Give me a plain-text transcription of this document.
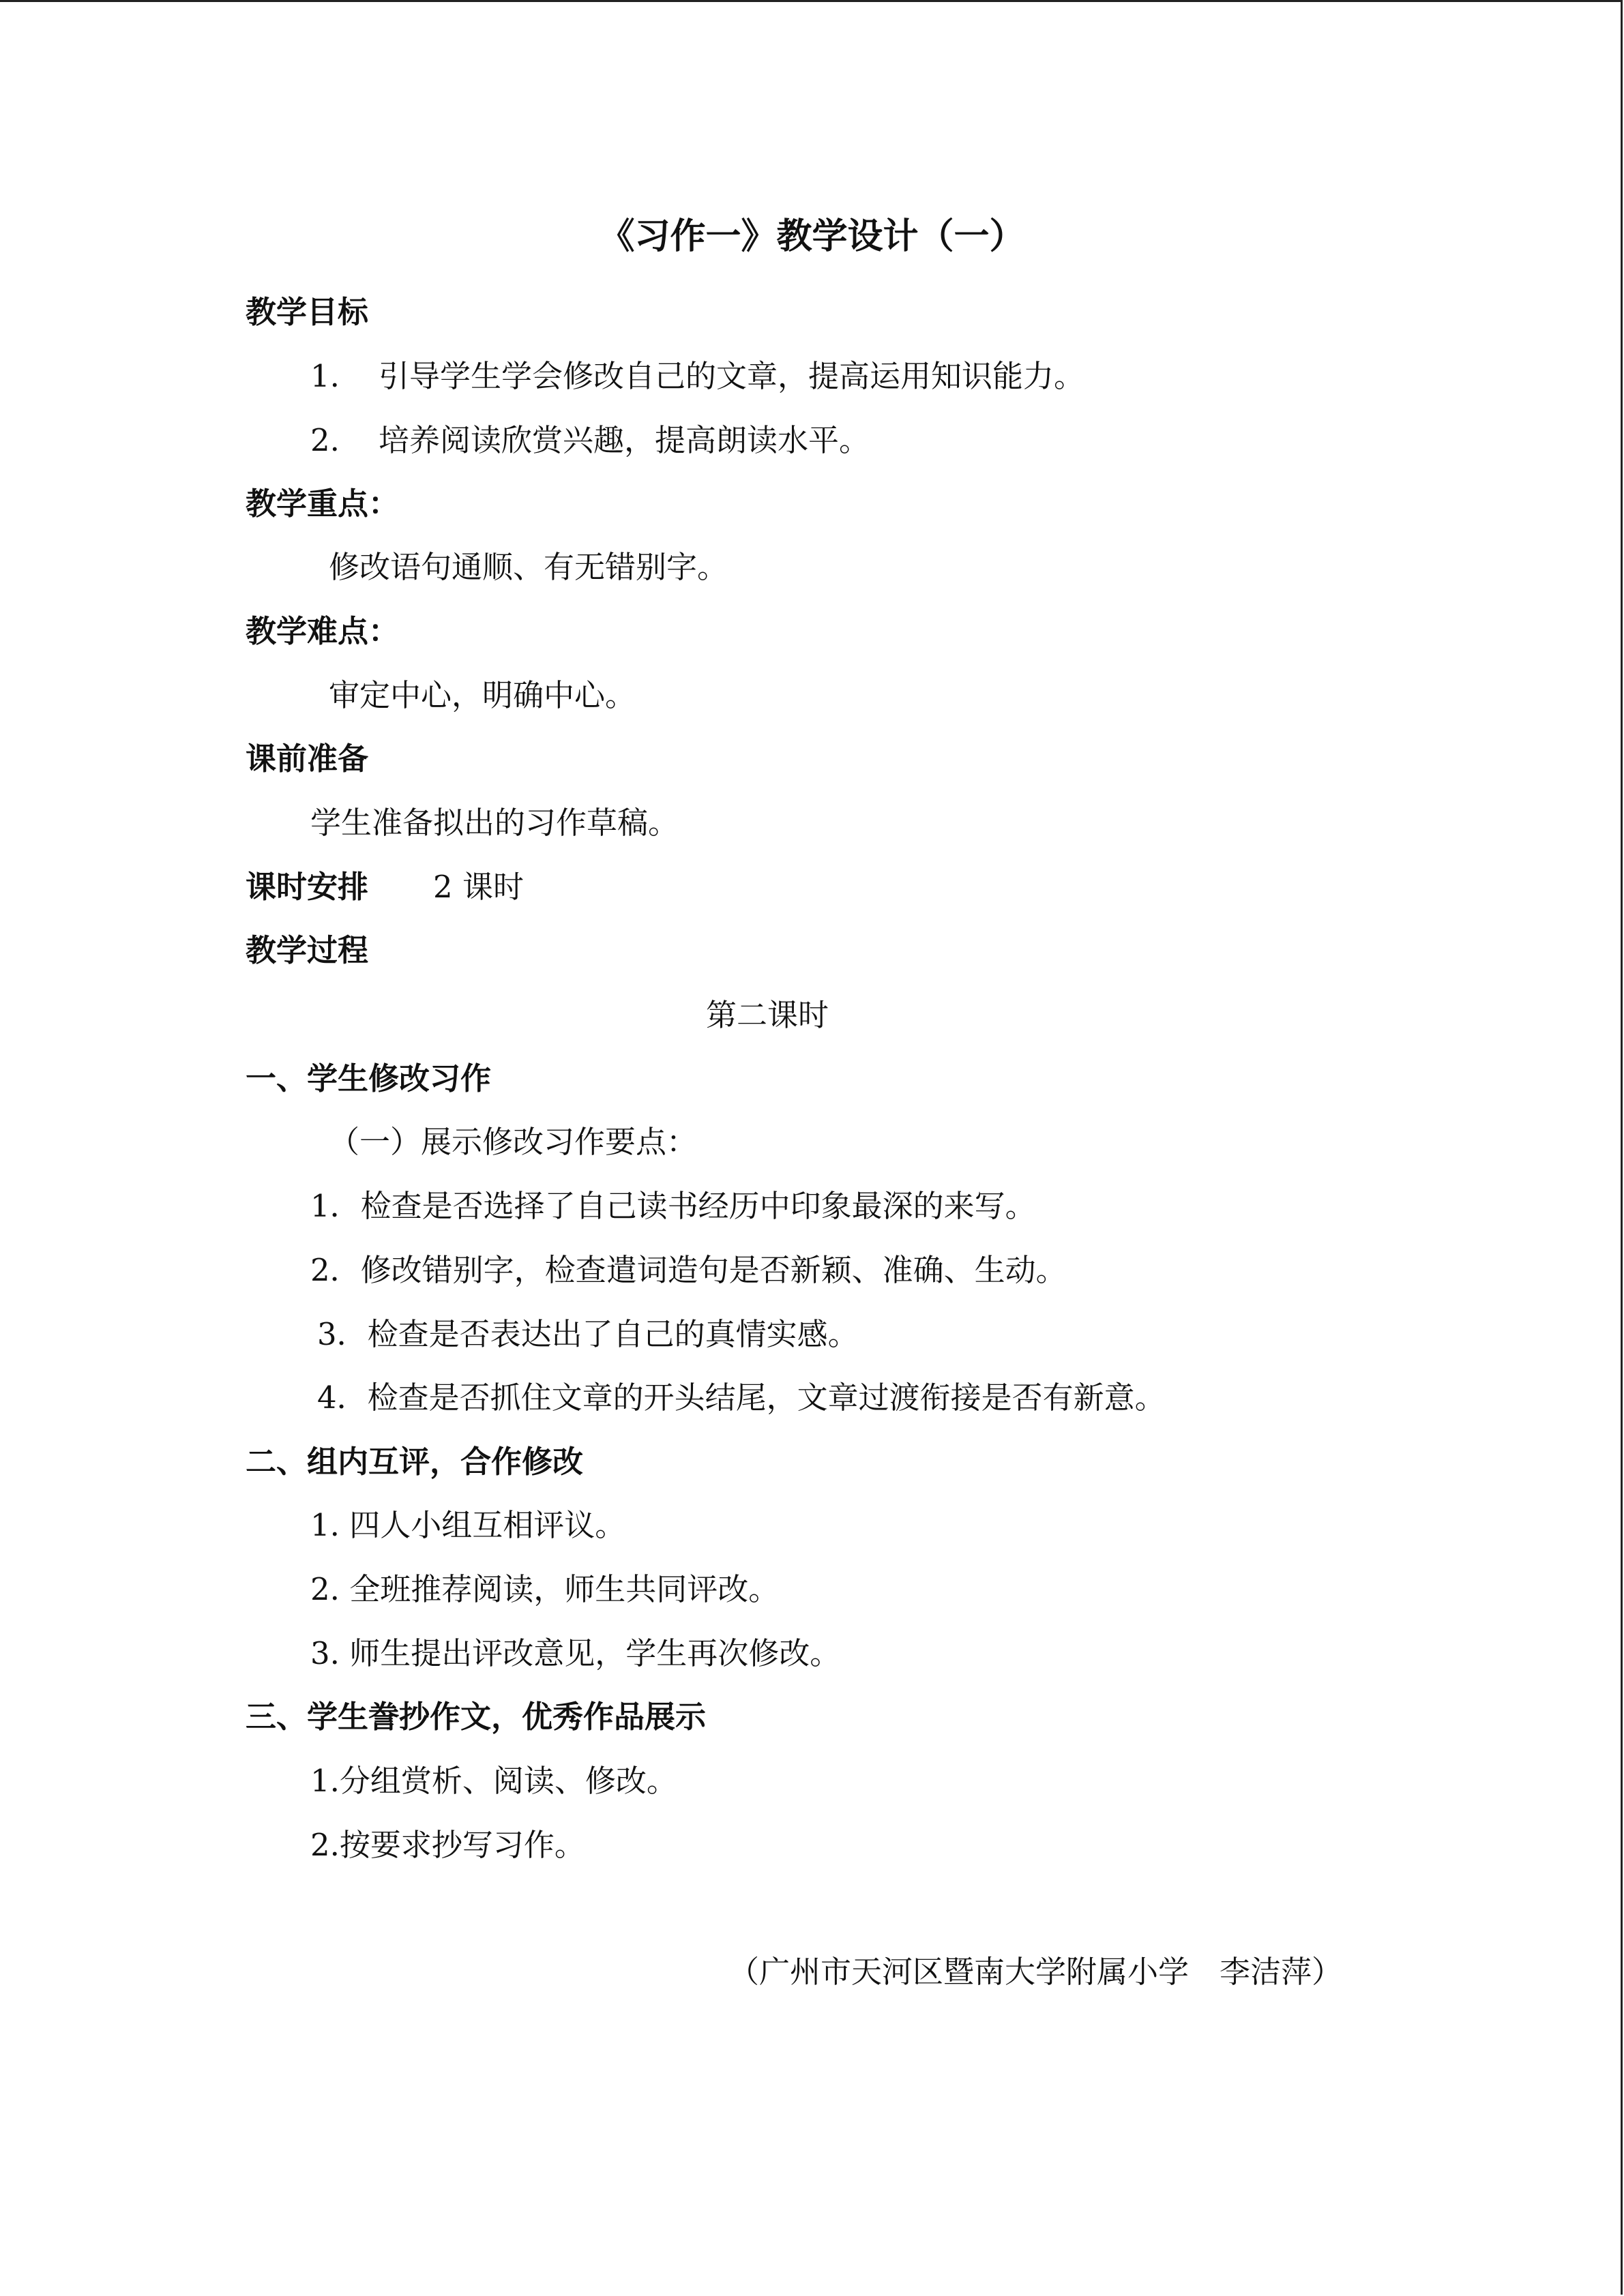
《习作一》教学设计（一）
教学目标
1. 引导学生学会修改自己的文章，提高运用知识能力。
2. 培养阅读欣赏兴趣，提高朗读水平。
教学重点：
修改语句通顺、有无错别字。
教学难点：
审定中心，明确中心。
课前准备
学生准备拟出的习作草稿。
课时安排 2 课时
教学过程
第二课时
一、学生修改习作
（一）展示修改习作要点：
1．检查是否选择了自己读书经历中印象最深的来写。
2．修改错别字，检查遣词造句是否新颖、准确、生动。
3．检查是否表达出了自己的真情实感。
4．检查是否抓住文章的开头结尾，文章过渡衔接是否有新意。
二、组内互评，合作修改
1. 四人小组互相评议。
2. 全班推荐阅读，师生共同评改。
3. 师生提出评改意见，学生再次修改。
三、学生誊抄作文，优秀作品展示
1.分组赏析、阅读、修改。
2.按要求抄写习作。
（广州市天河区暨南大学附属小学　李洁萍）
